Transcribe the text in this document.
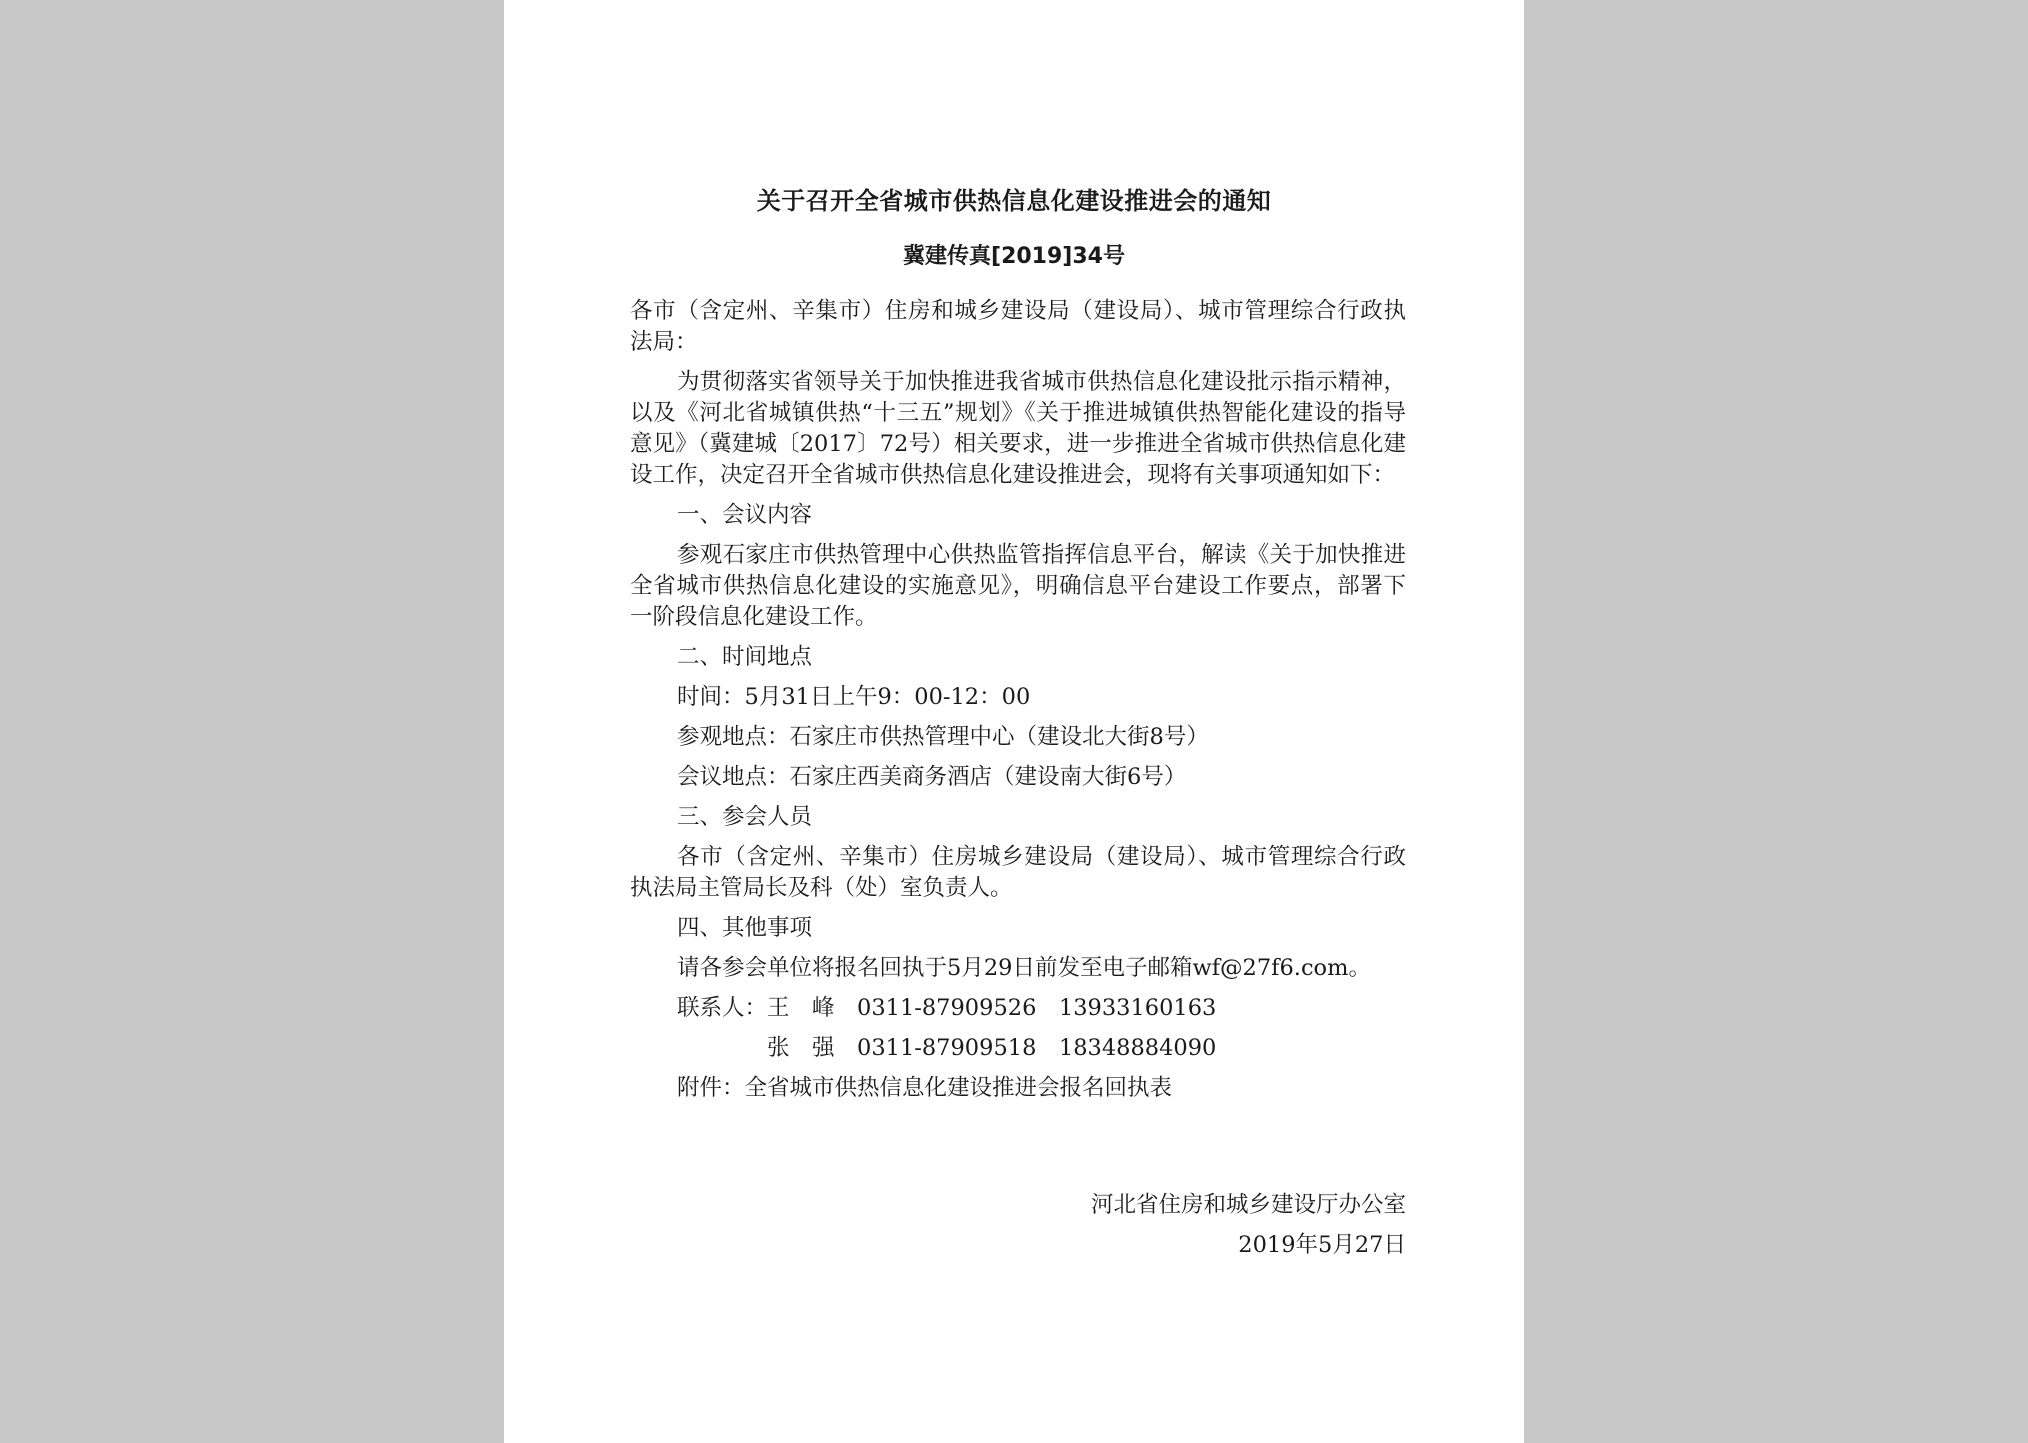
关于召开全省城市供热信息化建设推进会的通知
冀建传真[2019]34号

各市（含定州、辛集市）住房和城乡建设局（建设局）、城市管理综合行政执法局：

为贯彻落实省领导关于加快推进我省城市供热信息化建设批示指示精神，以及《河北省城镇供热“十三五”规划》《关于推进城镇供热智能化建设的指导意见》（冀建城〔2017〕72号）相关要求，进一步推进全省城市供热信息化建设工作，决定召开全省城市供热信息化建设推进会，现将有关事项通知如下：

一、会议内容

参观石家庄市供热管理中心供热监管指挥信息平台，解读《关于加快推进全省城市供热信息化建设的实施意见》，明确信息平台建设工作要点，部署下一阶段信息化建设工作。

二、时间地点

时间：5月31日上午9：00-12：00

参观地点：石家庄市供热管理中心（建设北大街8号）

会议地点：石家庄西美商务酒店（建设南大街6号）

三、参会人员

各市（含定州、辛集市）住房城乡建设局（建设局）、城市管理综合行政执法局主管局长及科（处）室负责人。

四、其他事项

请各参会单位将报名回执于5月29日前发至电子邮箱wf@27f6.com。

联系人：王　峰　0311-87909526　13933160163

　　　　张　强　0311-87909518　18348884090

附件：全省城市供热信息化建设推进会报名回执表

河北省住房和城乡建设厅办公室
2019年5月27日
